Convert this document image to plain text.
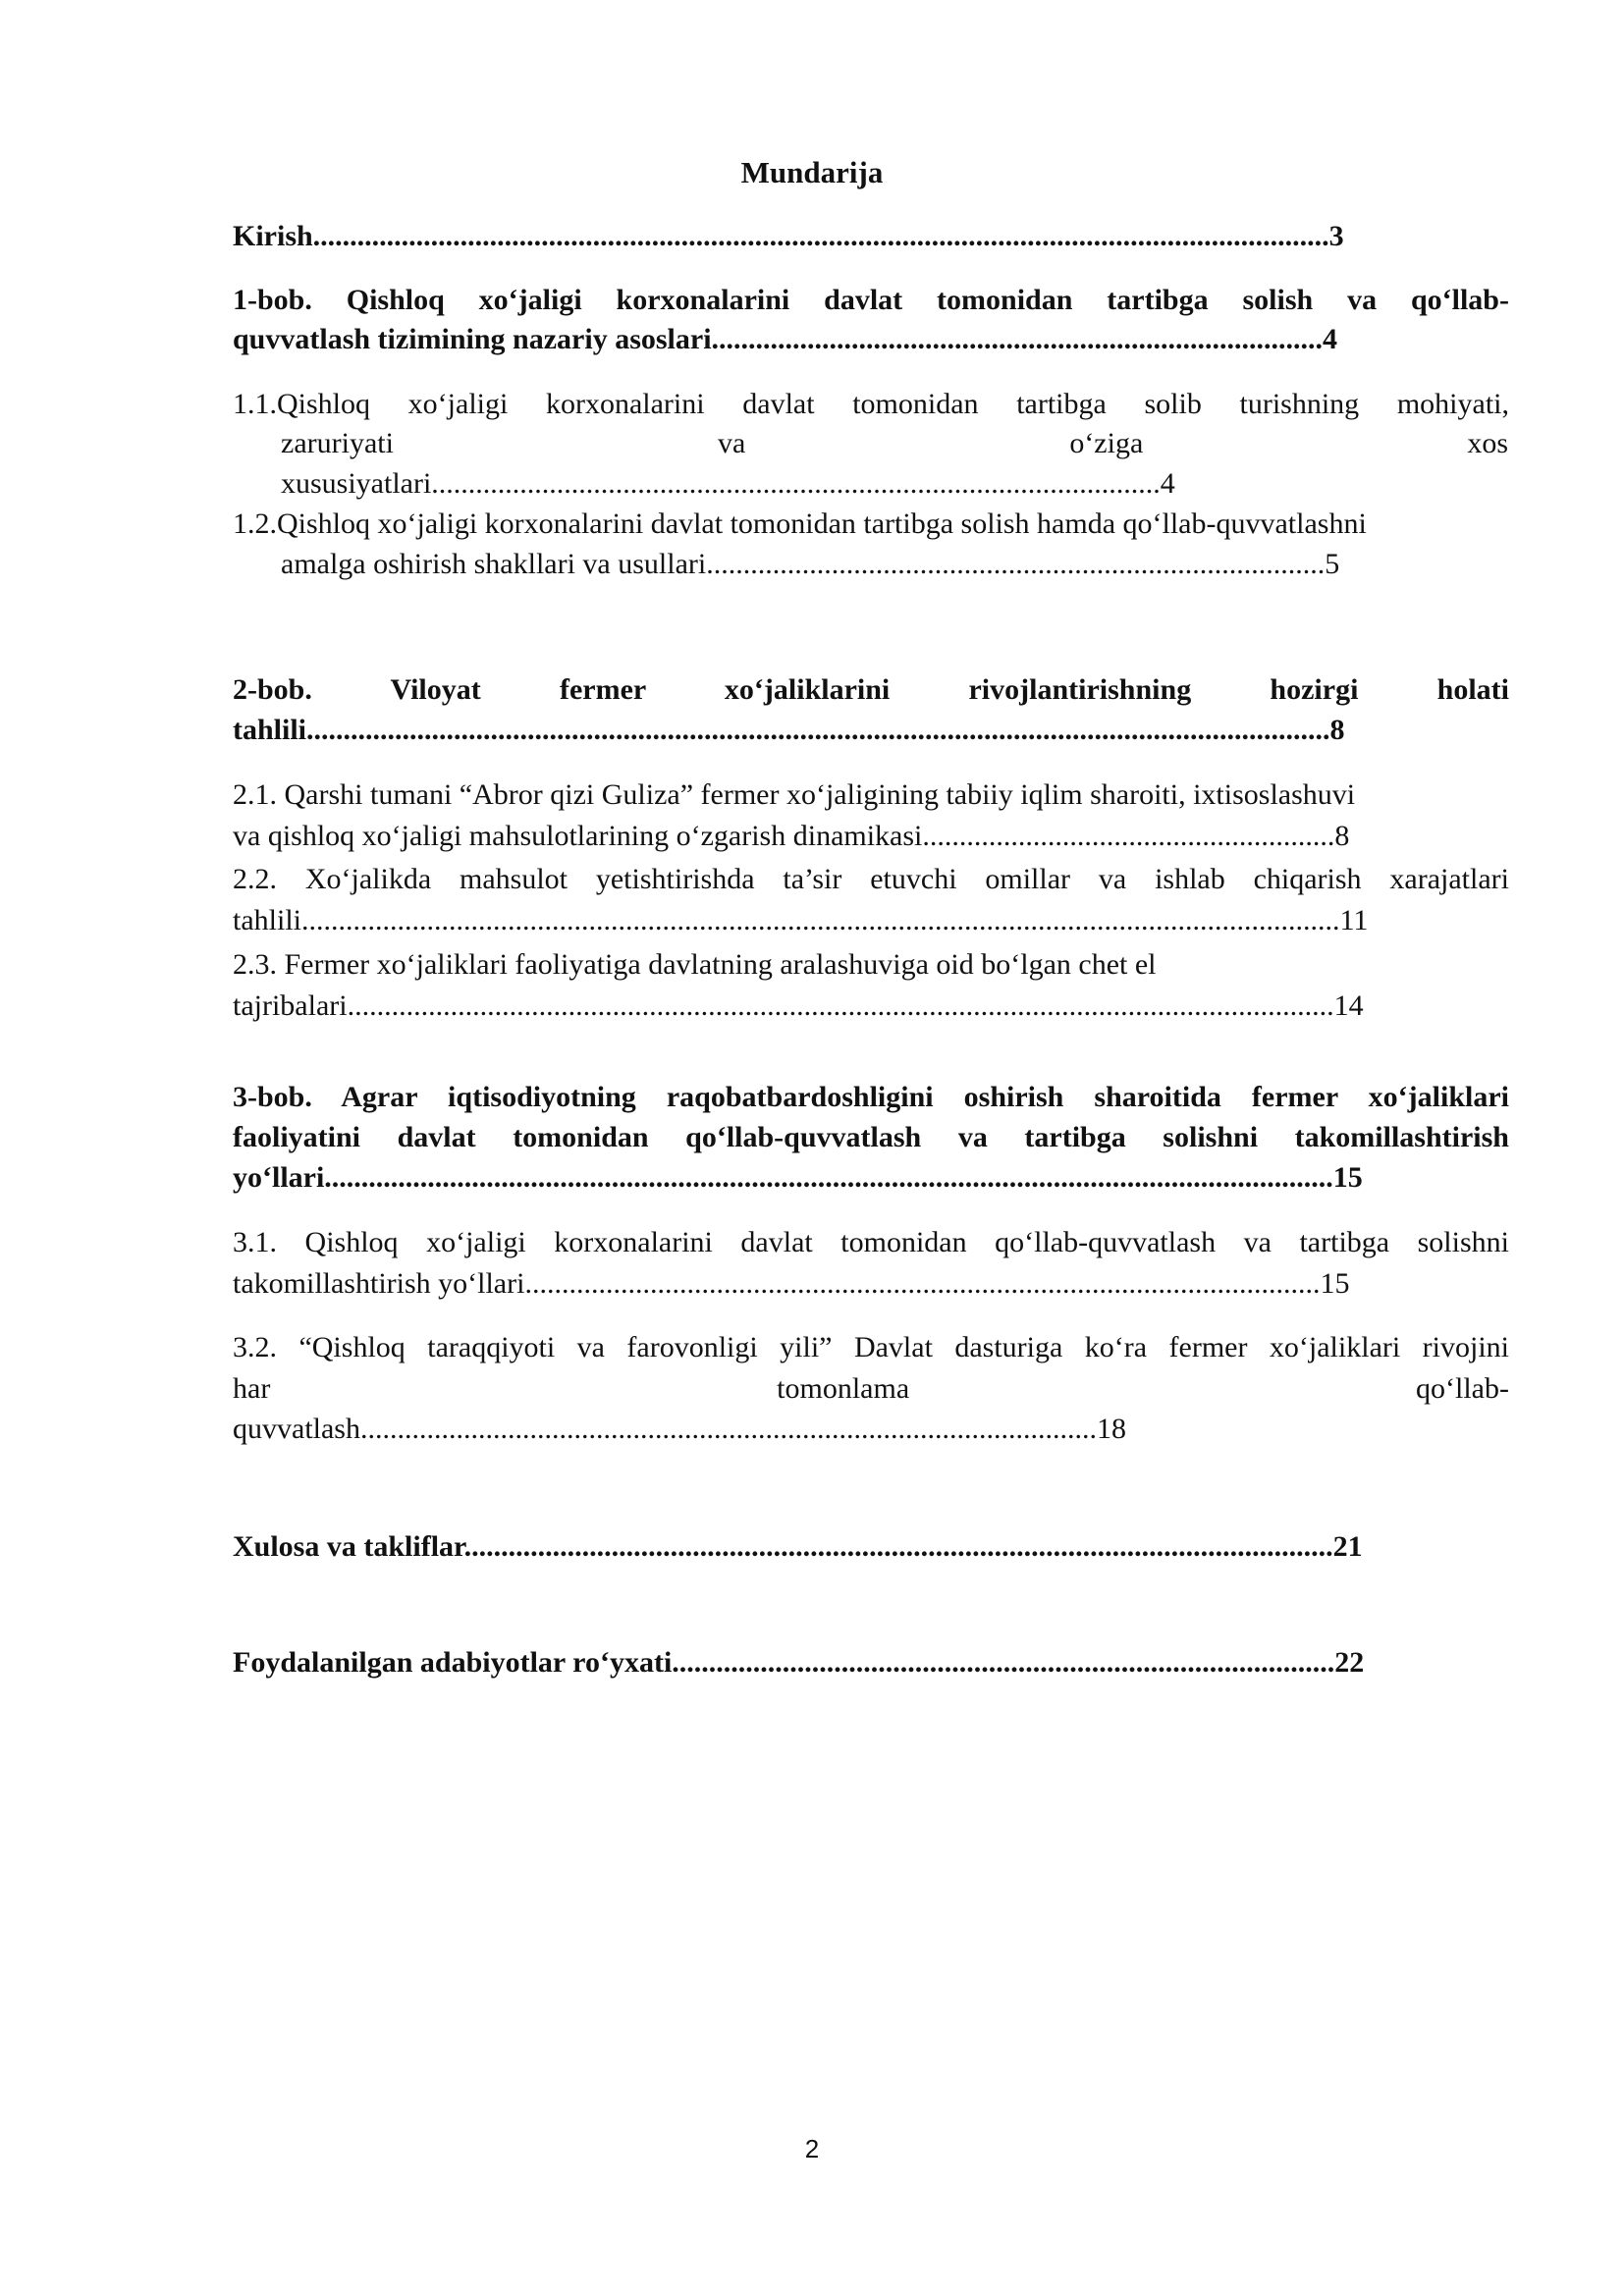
Mundarija
Kirish..........................................................................................................................................3
1-bob. Qishloq xo‘jaligi korxonalarini davlat tomonidan tartibga solish va qo‘llab-
quvvatlash tizimining nazariy asoslari...................................................................................4
1.1.Qishloq xo‘jaligi korxonalarini davlat tomonidan tartibga solib turishning mohiyati,
zaruriyati va o‘ziga xos
xususiyatlari...................................................................................................4
1.2.Qishloq xo‘jaligi korxonalarini davlat tomonidan tartibga solish hamda qo‘llab-quvvatlashni
amalga oshirish shakllari va usullari....................................................................................5
2-bob. Viloyat fermer xo‘jaliklarini rivojlantirishning hozirgi holati
tahlili...........................................................................................................................................8
2.1. Qarshi tumani “Abror qizi Guliza” fermer xo‘jaligining tabiiy iqlim sharoiti, ixtisoslashuvi
va qishloq xo‘jaligi mahsulotlarining o‘zgarish dinamikasi........................................................8
2.2. Xo‘jalikda mahsulot yetishtirishda ta’sir etuvchi omillar va ishlab chiqarish xarajatlari
tahlili.............................................................................................................................................11
2.3. Fermer xo‘jaliklari faoliyatiga davlatning aralashuviga oid bo‘lgan chet el
tajribalari......................................................................................................................................14
3-bob. Agrar iqtisodiyotning raqobatbardoshligini oshirish sharoitida fermer xo‘jaliklari
faoliyatini davlat tomonidan qo‘llab-quvvatlash va tartibga solishni takomillashtirish
yo‘llari.........................................................................................................................................15
3.1. Qishloq xo‘jaligi korxonalarini davlat tomonidan qo‘llab-quvvatlash va tartibga solishni
takomillashtirish yo‘llari............................................................................................................15
3.2. “Qishloq taraqqiyoti va farovonligi yili” Davlat dasturiga ko‘ra fermer xo‘jaliklari rivojini
har tomonlama qo‘llab-
quvvatlash....................................................................................................18
Xulosa va takliflar......................................................................................................................21
Foydalanilgan adabiyotlar ro‘yxati..........................................................................................22
2
